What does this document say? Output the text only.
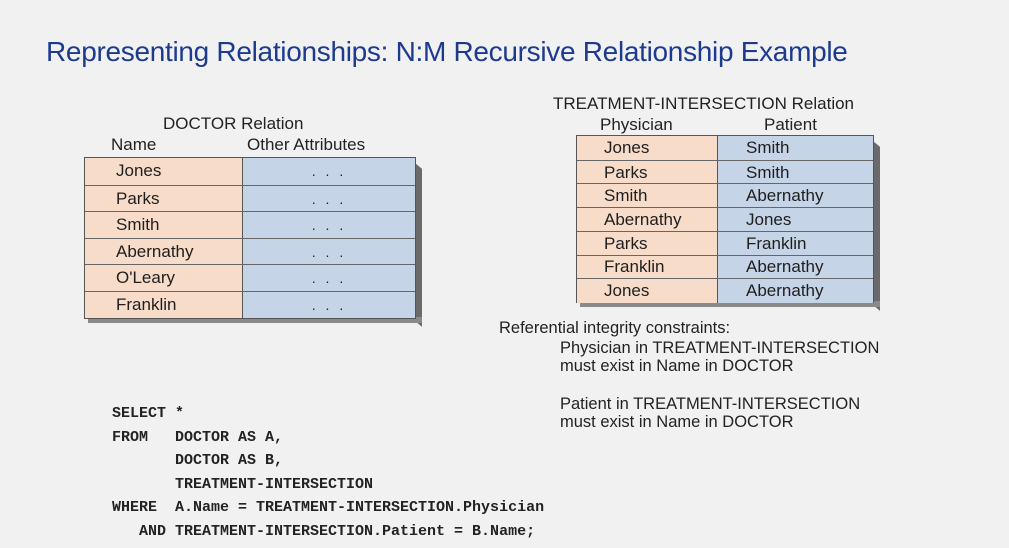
Representing Relationships: N:M Recursive Relationship Example
DOCTOR Relation
Name	Other Attributes
Jones	. . .
Parks	. . .
Smith	. . .
Abernathy	. . .
O'Leary	. . .
Franklin	. . .
TREATMENT-INTERSECTION Relation
Physician	Patient
Jones	Smith
Parks	Smith
Smith	Abernathy
Abernathy	Jones
Parks	Franklin
Franklin	Abernathy
Jones	Abernathy
Referential integrity constraints:
Physician in TREATMENT-INTERSECTION
must exist in Name in DOCTOR
Patient in TREATMENT-INTERSECTION
must exist in Name in DOCTOR
SELECT *
FROM   DOCTOR AS A,
DOCTOR AS B,
TREATMENT-INTERSECTION
WHERE  A.Name = TREATMENT-INTERSECTION.Physician
AND TREATMENT-INTERSECTION.Patient = B.Name;
